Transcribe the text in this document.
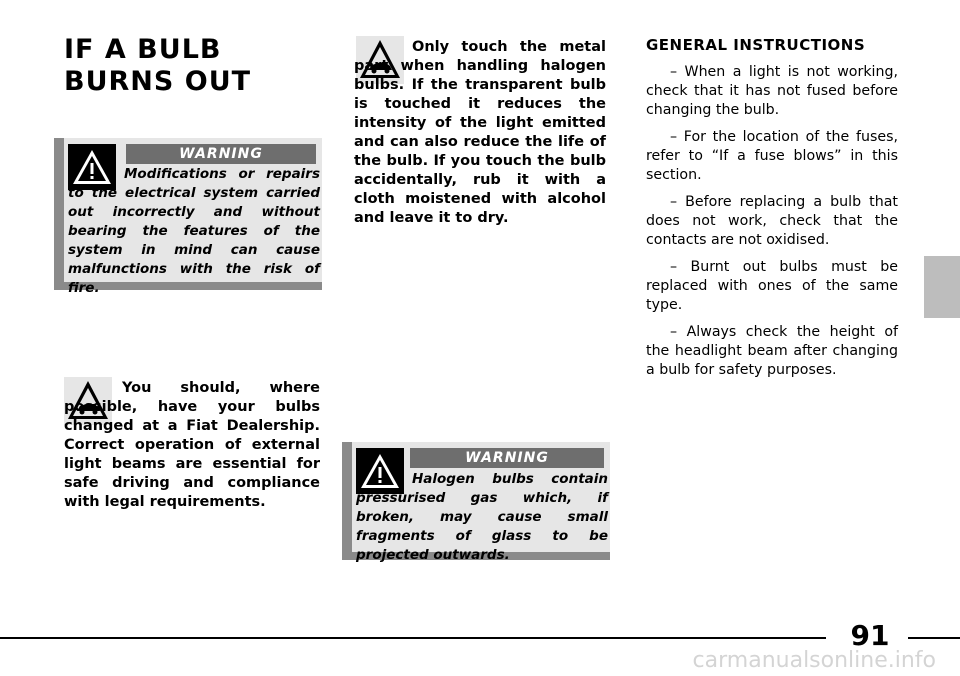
IF A BULB
BURNS OUT
WARNING
Modifications or repairs to the electrical system carried out incorrectly and without bearing the features of the system in mind can cause malfunctions with the risk of fire.
You should, where possible, have your bulbs changed at a Fiat Dealership. Correct operation of external light beams are essential for safe driving and compliance with legal requirements.
Only touch the metal part when handling halogen bulbs. If the transparent bulb is touched it reduces the intensity of the light emitted and can also reduce the life of the bulb. If you touch the bulb accidentally, rub it with a cloth moistened with alcohol and leave it to dry.
WARNING
Halogen bulbs contain pressurised gas which, if broken, may cause small fragments of glass to be projected outwards.
GENERAL INSTRUCTIONS

– When a light is not working, check that it has not fused before changing the bulb.

– For the location of the fuses, refer to “If a fuse blows” in this section.

– Before replacing a bulb that does not work, check that the contacts are not oxidised.

– Burnt out bulbs must be replaced with ones of the same type.

– Always check the height of the headlight beam after changing a bulb for safety purposes.

91
carmanualsonline.info
